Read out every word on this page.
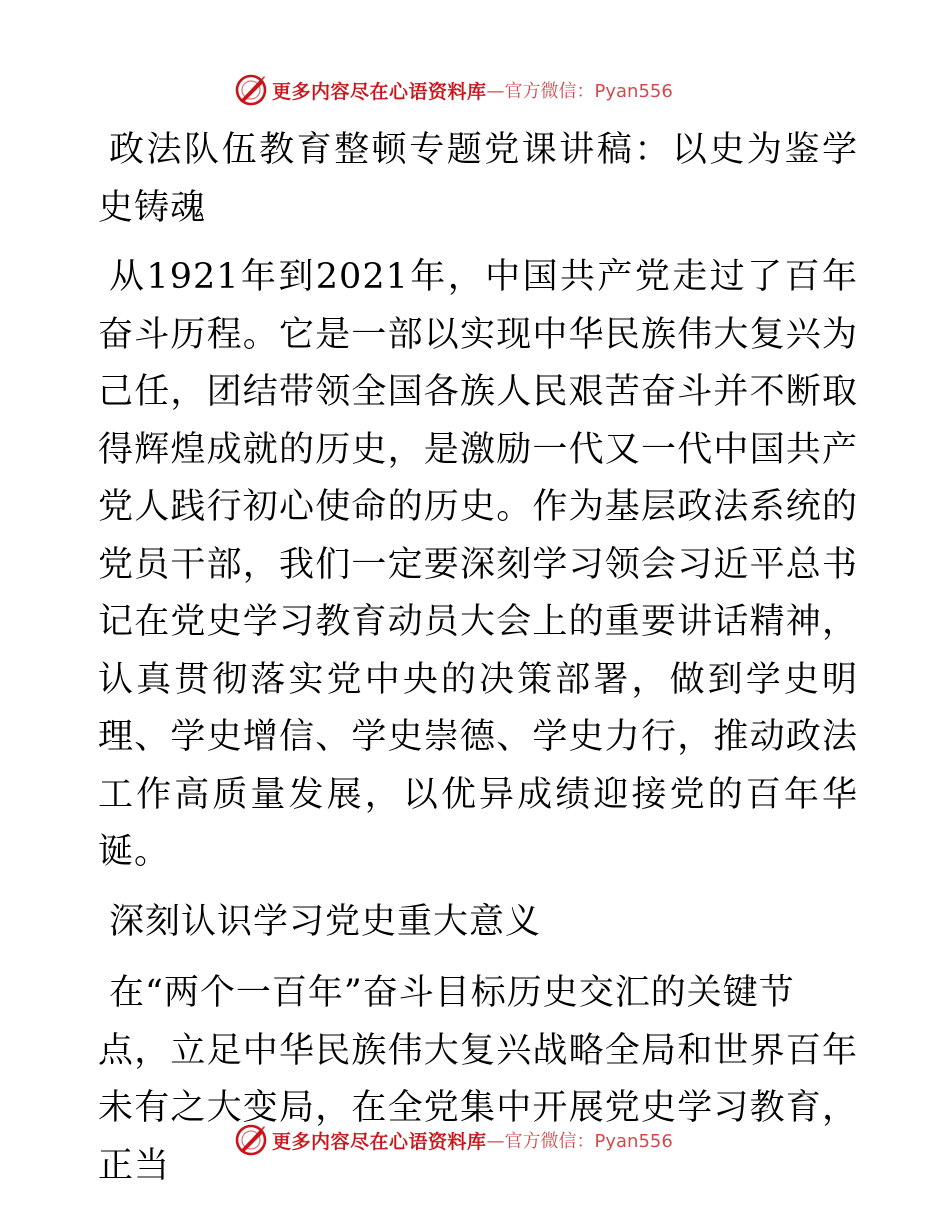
更多内容尽在心语资料库 —官方微信：Pyan556

政法队伍教育整顿专题党课讲稿：以史为鉴学史铸魂

从1921年到2021年，中国共产党走过了百年奋斗历程。它是一部以实现中华民族伟大复兴为己任，团结带领全国各族人民艰苦奋斗并不断取得辉煌成就的历史，是激励一代又一代中国共产党人践行初心使命的历史。作为基层政法系统的党员干部，我们一定要深刻学习领会习近平总书记在党史学习教育动员大会上的重要讲话精神，认真贯彻落实党中央的决策部署，做到学史明理、学史增信、学史崇德、学史力行，推动政法工作高质量发展，以优异成绩迎接党的百年华诞。

深刻认识学习党史重大意义

在“两个一百年”奋斗目标历史交汇的关键节

点，立足中华民族伟大复兴战略全局和世界百年未有之大变局，在全党集中开展党史学习教育，正当

更多内容尽在心语资料库 —官方微信：Pyan556
